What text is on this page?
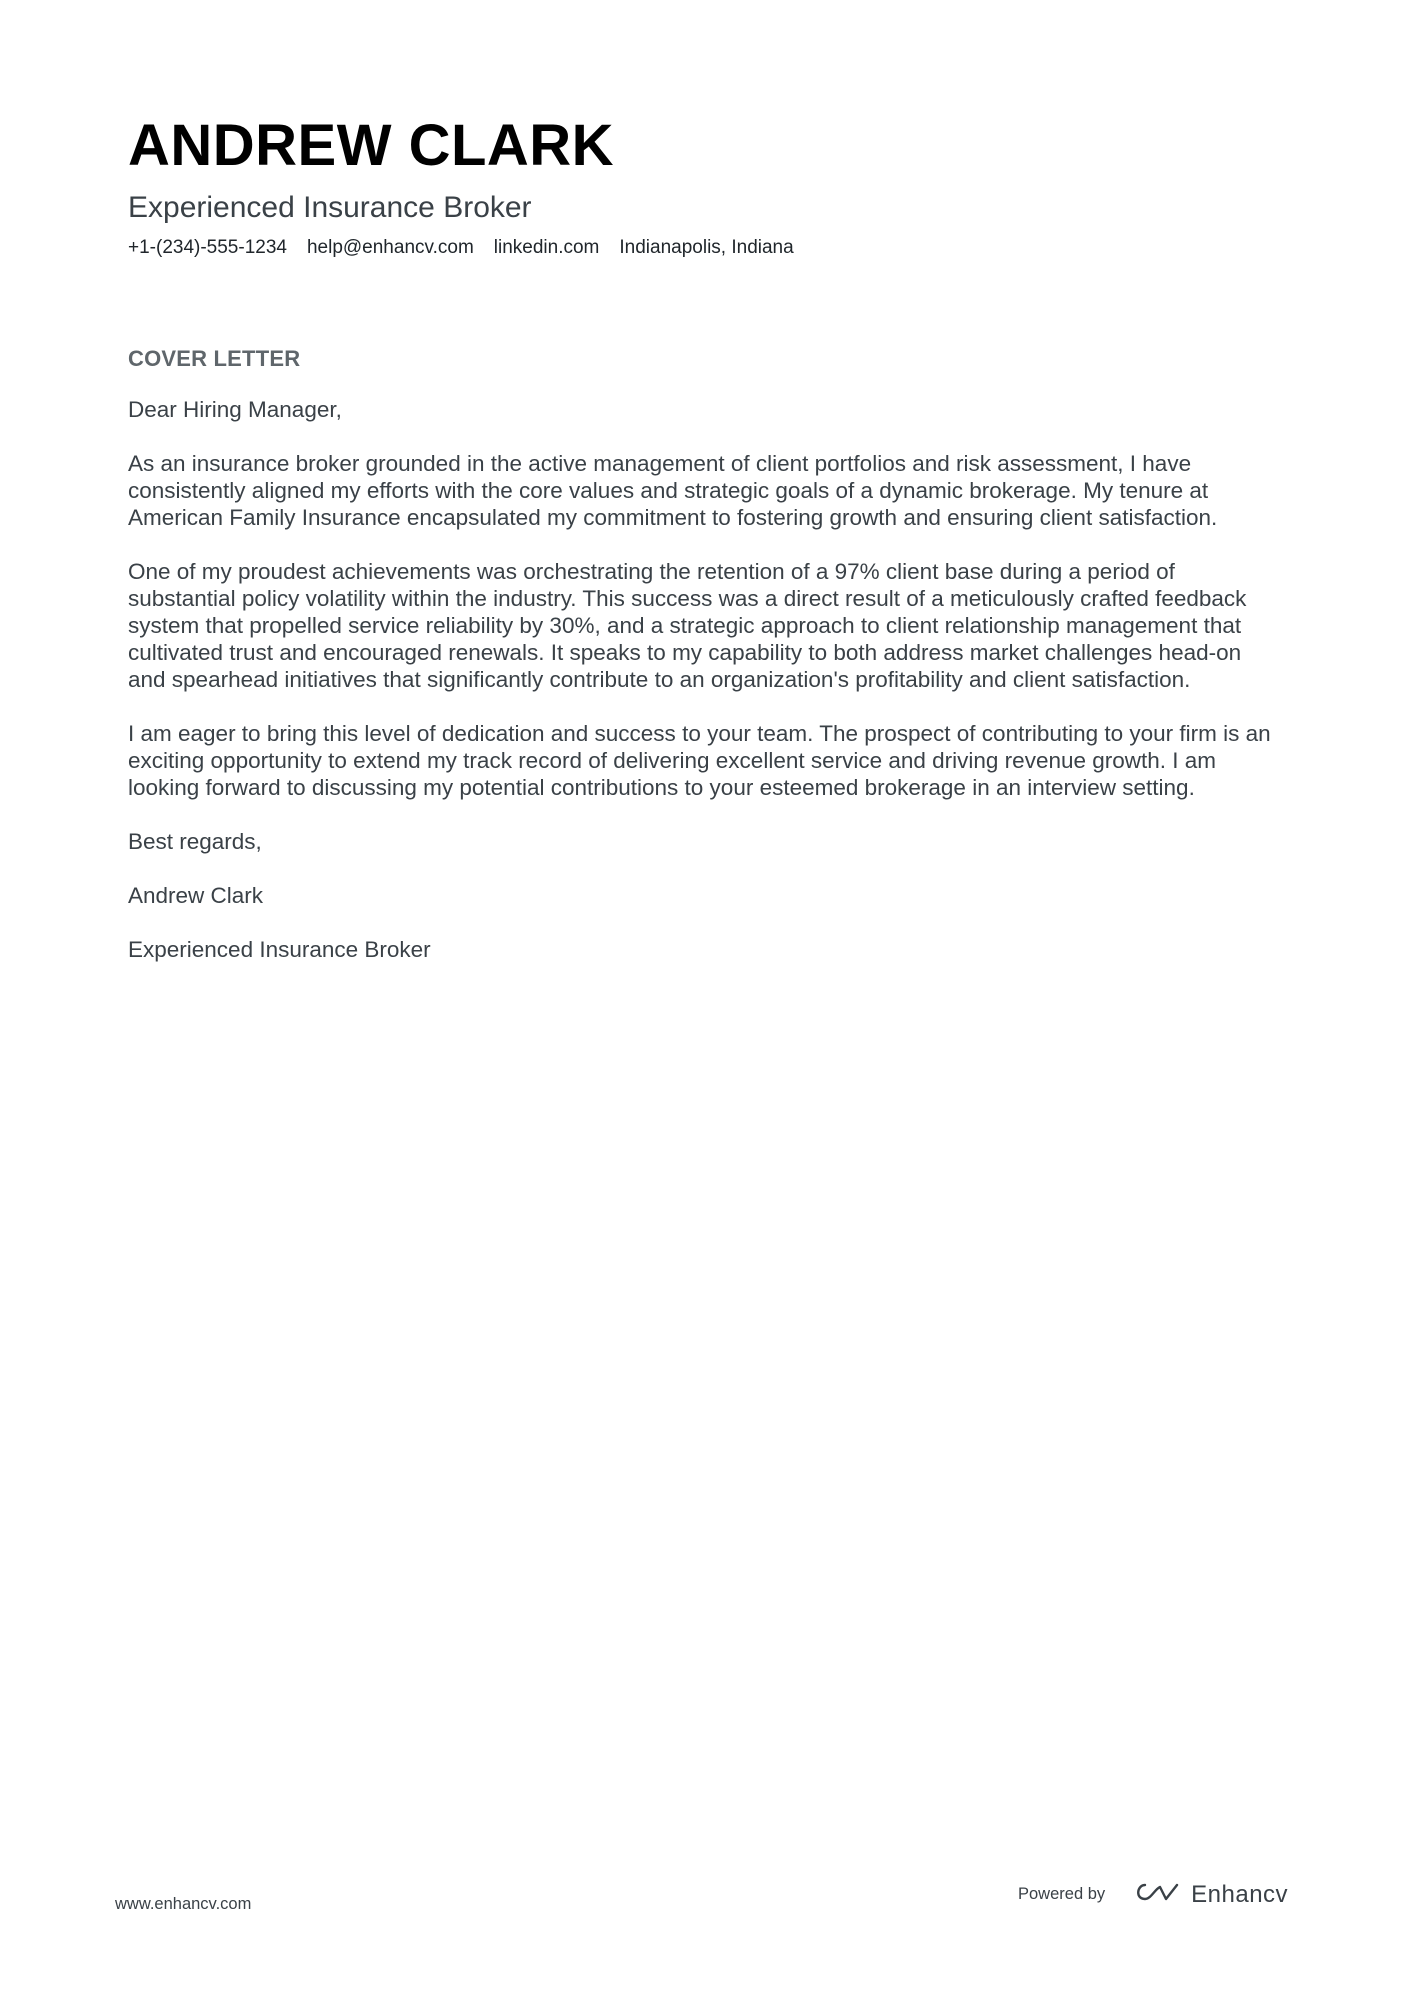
ANDREW CLARK
Experienced Insurance Broker
+1-(234)-555-1234 help@enhancv.com linkedin.com Indianapolis, Indiana
COVER LETTER

Dear Hiring Manager,

As an insurance broker grounded in the active management of client portfolios and risk assessment, I have consistently aligned my efforts with the core values and strategic goals of a dynamic brokerage. My tenure at American Family Insurance encapsulated my commitment to fostering growth and ensuring client satisfaction.

One of my proudest achievements was orchestrating the retention of a 97% client base during a period of substantial policy volatility within the industry. This success was a direct result of a meticulously crafted feedback system that propelled service reliability by 30%, and a strategic approach to client relationship management that cultivated trust and encouraged renewals. It speaks to my capability to both address market challenges head-on and spearhead initiatives that significantly contribute to an organization's profitability and client satisfaction.

I am eager to bring this level of dedication and success to your team. The prospect of contributing to your firm is an exciting opportunity to extend my track record of delivering excellent service and driving revenue growth. I am looking forward to discussing my potential contributions to your esteemed brokerage in an interview setting.

Best regards,

Andrew Clark

Experienced Insurance Broker

www.enhancv.com
Powered by	Enhancv
